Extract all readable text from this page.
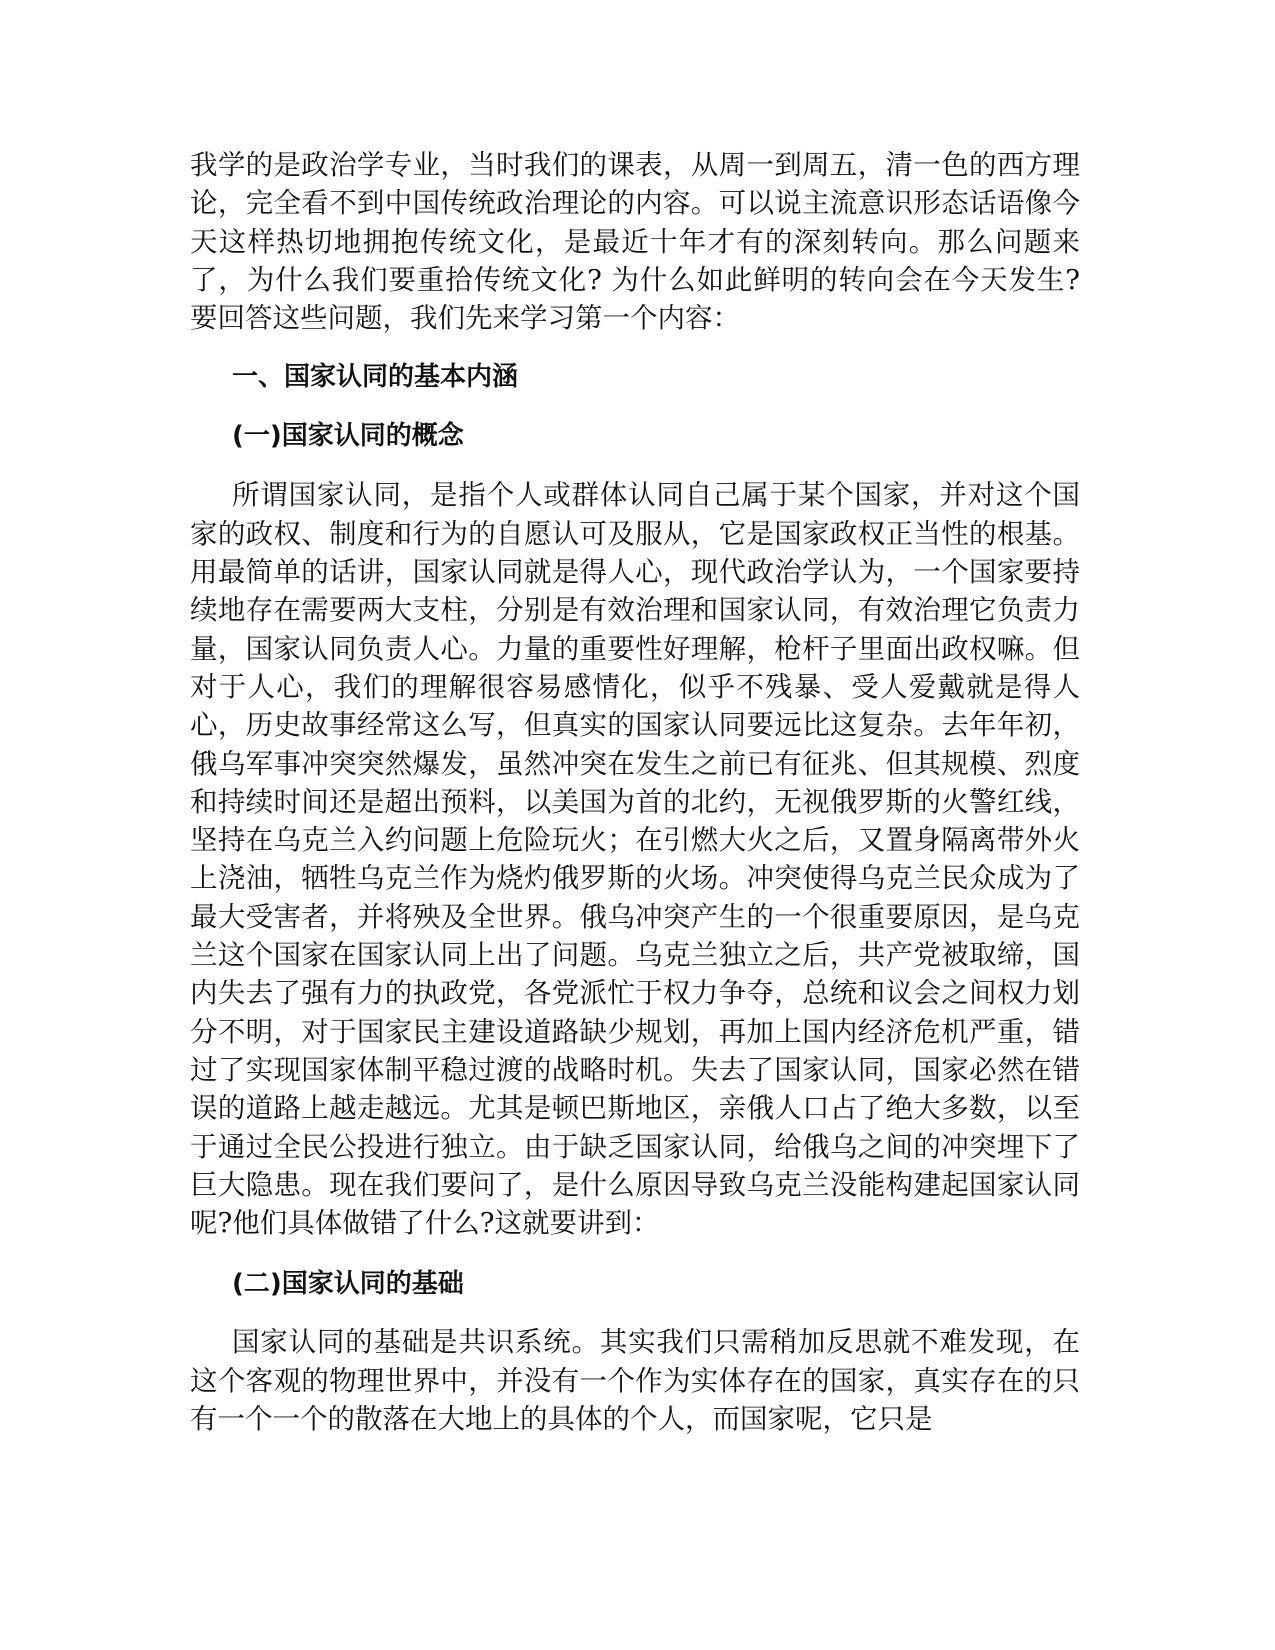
我学的是政治学专业，当时我们的课表，从周一到周五，清一色的西方理论，完全看不到中国传统政治理论的内容。可以说主流意识形态话语像今天这样热切地拥抱传统文化，是最近十年才有的深刻转向。那么问题来了，为什么我们要重拾传统文化? 为什么如此鲜明的转向会在今天发生?要回答这些问题，我们先来学习第一个内容：

一、国家认同的基本内涵
(一)国家认同的概念

所谓国家认同，是指个人或群体认同自己属于某个国家，并对这个国家的政权、制度和行为的自愿认可及服从，它是国家政权正当性的根基。用最简单的话讲，国家认同就是得人心，现代政治学认为，一个国家要持续地存在需要两大支柱，分别是有效治理和国家认同，有效治理它负责力量，国家认同负责人心。力量的重要性好理解，枪杆子里面出政权嘛。但对于人心，我们的理解很容易感情化，似乎不残暴、受人爱戴就是得人心，历史故事经常这么写，但真实的国家认同要远比这复杂。去年年初，俄乌军事冲突突然爆发，虽然冲突在发生之前已有征兆、但其规模、烈度和持续时间还是超出预料，以美国为首的北约，无视俄罗斯的火警红线，坚持在乌克兰入约问题上危险玩火；在引燃大火之后，又置身隔离带外火上浇油，牺牲乌克兰作为烧灼俄罗斯的火场。冲突使得乌克兰民众成为了最大受害者，并将殃及全世界。俄乌冲突产生的一个很重要原因，是乌克兰这个国家在国家认同上出了问题。乌克兰独立之后，共产党被取缔，国内失去了强有力的执政党，各党派忙于权力争夺，总统和议会之间权力划分不明，对于国家民主建设道路缺少规划，再加上国内经济危机严重，错过了实现国家体制平稳过渡的战略时机。失去了国家认同，国家必然在错误的道路上越走越远。尤其是顿巴斯地区，亲俄人口占了绝大多数，以至于通过全民公投进行独立。由于缺乏国家认同，给俄乌之间的冲突埋下了巨大隐患。现在我们要问了，是什么原因导致乌克兰没能构建起国家认同呢?他们具体做错了什么?这就要讲到：

(二)国家认同的基础

国家认同的基础是共识系统。其实我们只需稍加反思就不难发现，在这个客观的物理世界中，并没有一个作为实体存在的国家，真实存在的只有一个一个的散落在大地上的具体的个人，而国家呢，它只是
